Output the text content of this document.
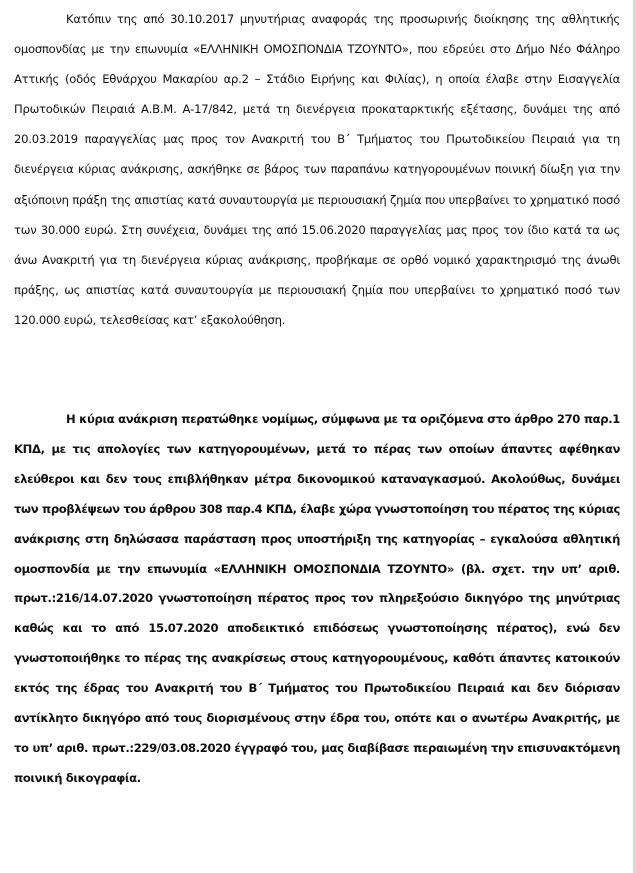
Κατόπιν της από 30.10.2017 μηνυτήριας αναφοράς της προσωρινής διοίκησης της αθλητικής ομοσπονδίας με την επωνυμία «ΕΛΛΗΝΙΚΗ ΟΜΟΣΠΟΝΔΙΑ ΤΖΟΥΝΤΟ», που εδρεύει στο Δήμο Νέο Φάληρο Αττικής (οδός Εθνάρχου Μακαρίου αρ.2 – Στάδιο Ειρήνης και Φιλίας), η οποία έλαβε στην Εισαγγελία Πρωτοδικών Πειραιά Α.Β.Μ. Α-17/842, μετά τη διενέργεια προκαταρκτικής εξέτασης, δυνάμει της από 20.03.2019 παραγγελίας μας προς τον Ανακριτή του Β΄ Τμήματος του Πρωτοδικείου Πειραιά για τη διενέργεια κύριας ανάκρισης, ασκήθηκε σε βάρος των παραπάνω κατηγορουμένων ποινική δίωξη για την αξιόποινη πράξη της απιστίας κατά συναυτουργία με περιουσιακή ζημία που υπερβαίνει το χρηματικό ποσό των 30.000 ευρώ. Στη συνέχεια, δυνάμει της από 15.06.2020 παραγγελίας μας προς τον ίδιο κατά τα ως άνω Ανακριτή για τη διενέργεια κύριας ανάκρισης, προβήκαμε σε ορθό νομικό χαρακτηρισμό της άνωθι πράξης, ως απιστίας κατά συναυτουργία με περιουσιακή ζημία που υπερβαίνει το χρηματικό ποσό των 120.000 ευρώ, τελεσθείσας κατ’ εξακολούθηση.

Η κύρια ανάκριση περατώθηκε νομίμως, σύμφωνα με τα οριζόμενα στο άρθρο 270 παρ.1 ΚΠΔ, με τις απολογίες των κατηγορουμένων, μετά το πέρας των οποίων άπαντες αφέθηκαν ελεύθεροι και δεν τους επιβλήθηκαν μέτρα δικονομικού καταναγκασμού. Ακολούθως, δυνάμει των προβλέψεων του άρθρου 308 παρ.4 ΚΠΔ, έλαβε χώρα γνωστοποίηση του πέρατος της κύριας ανάκρισης στη δηλώσασα παράσταση προς υποστήριξη της κατηγορίας – εγκαλούσα αθλητική ομοσπονδία με την επωνυμία «ΕΛΛΗΝΙΚΗ ΟΜΟΣΠΟΝΔΙΑ ΤΖΟΥΝΤΟ» (βλ. σχετ. την υπ’ αριθ. πρωτ.:216/14.07.2020 γνωστοποίηση πέρατος προς τον πληρεξούσιο δικηγόρο της μηνύτριας καθώς και το από 15.07.2020 αποδεικτικό επιδόσεως γνωστοποίησης πέρατος), ενώ δεν γνωστοποιήθηκε το πέρας της ανακρίσεως στους κατηγορουμένους, καθότι άπαντες κατοικούν εκτός της έδρας του Ανακριτή του Β΄ Τμήματος του Πρωτοδικείου Πειραιά και δεν διόρισαν αντίκλητο δικηγόρο από τους διορισμένους στην έδρα του, οπότε και ο ανωτέρω Ανακριτής, με το υπ’ αριθ. πρωτ.:229/03.08.2020 έγγραφό του, μας διαβίβασε περαιωμένη την επισυνακτόμενη ποινική δικογραφία.
